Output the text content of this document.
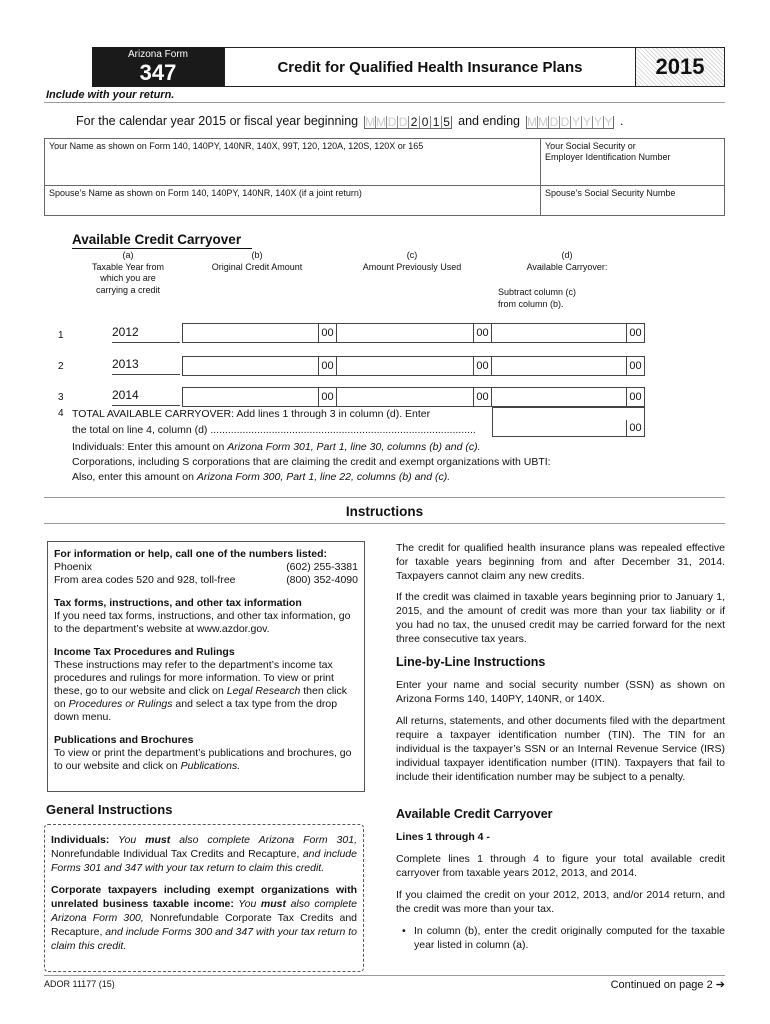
Arizona Form
347	Credit for Qualified Health Insurance Plans	2015
Include with your return.
For the calendar year 2015 or fiscal year beginning M M D D 2 0 1 5 and ending M M D D Y Y Y Y .
Your Name as shown on Form 140, 140PY, 140NR, 140X, 99T, 120, 120A, 120S, 120X or 165	Your Social Security or
Employer Identification Number
Spouse’s Name as shown on Form 140, 140PY, 140NR, 140X (if a joint return)	Spouse’s Social Security Numbe
Available Credit Carryover
(a)
Taxable Year from
which you are
carrying a credit
(b)
Original Credit Amount
(c)
Amount Previously Used
(d)
Available Carryover:
Subtract column (c)
from column (b).
1	2012	00	00	00
2	2013	00	00	00
3	2014	00	00	00
4 TOTAL AVAILABLE CARRYOVER: Add lines 1 through 3 in column (d). Enter
the total on line 4, column (d) ...........................................................................................	00
Individuals: Enter this amount on Arizona Form 301, Part 1, line 30, columns (b) and (c).
Corporations, including S corporations that are claiming the credit and exempt organizations with UBTI:
Also, enter this amount on Arizona Form 300, Part 1, line 22, columns (b) and (c).
Instructions
For information or help, call one of the numbers listed:
Phoenix	(602) 255-3381
From area codes 520 and 928, toll-free	(800) 352-4090
Tax forms, instructions, and other tax information

If you need tax forms, instructions, and other tax information, go to the department’s website at www.azdor.gov.

Income Tax Procedures and Rulings

These instructions may refer to the department’s income tax procedures and rulings for more information. To view or print these, go to our website and click on Legal Research then click on Procedures or Rulings and select a tax type from the drop down menu.

Publications and Brochures

To view or print the department’s publications and brochures, go to our website and click on Publications.

General Instructions

Individuals: You must also complete Arizona Form 301, Nonrefundable Individual Tax Credits and Recapture, and include Forms 301 and 347 with your tax return to claim this credit.

Corporate taxpayers including exempt organizations with unrelated business taxable income: You must also complete Arizona Form 300, Nonrefundable Corporate Tax Credits and Recapture, and include Forms 300 and 347 with your tax return to claim this credit.

The credit for qualified health insurance plans was repealed effective for taxable years beginning from and after December 31, 2014. Taxpayers cannot claim any new credits.
If the credit was claimed in taxable years beginning prior to January 1, 2015, and the amount of credit was more than your tax liability or if you had no tax, the unused credit may be carried forward for the next three consecutive tax years.
Line-by-Line Instructions
Enter your name and social security number (SSN) as shown on Arizona Forms 140, 140PY, 140NR, or 140X.
All returns, statements, and other documents filed with the department require a taxpayer identification number (TIN). The TIN for an individual is the taxpayer’s SSN or an Internal Revenue Service (IRS) individual taxpayer identification number (ITIN). Taxpayers that fail to include their identification number may be subject to a penalty.
Available Credit Carryover
Lines 1 through 4 -
Complete lines 1 through 4 to figure your total available credit carryover from taxable years 2012, 2013, and 2014.
If you claimed the credit on your 2012, 2013, and/or 2014 return, and the credit was more than your tax.
• In column (b), enter the credit originally computed for the taxable year listed in column (a).
ADOR 11177 (15)	Continued on page 2 ➔
